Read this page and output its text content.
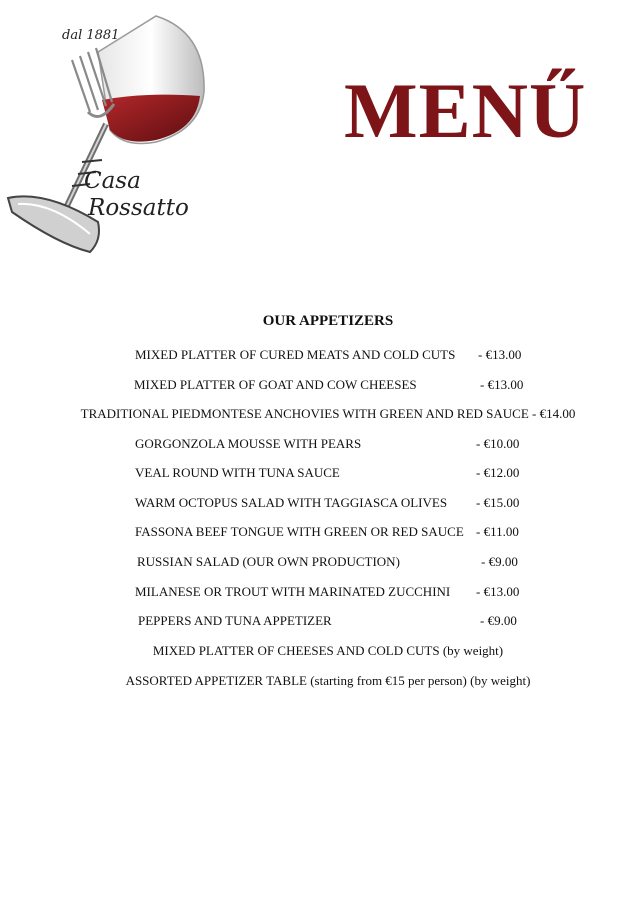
dal 1881
Casa
Rossatto
MENŰ
OUR APPETIZERS
MIXED PLATTER OF CURED MEATS AND COLD CUTS - €13.00
MIXED PLATTER OF GOAT AND COW CHEESES	- €13.00
TRADITIONAL PIEDMONTESE ANCHOVIES WITH GREEN AND RED SAUCE - €14.00
GORGONZOLA MOUSSE WITH PEARS	- €10.00
VEAL ROUND WITH TUNA SAUCE	- €12.00
WARM OCTOPUS SALAD WITH TAGGIASCA OLIVES - €15.00
FASSONA BEEF TONGUE WITH GREEN OR RED SAUCE - €11.00
RUSSIAN SALAD (OUR OWN PRODUCTION)	- €9.00
MILANESE OR TROUT WITH MARINATED ZUCCHINI - €13.00
PEPPERS AND TUNA APPETIZER	- €9.00
MIXED PLATTER OF CHEESES AND COLD CUTS (by weight)
ASSORTED APPETIZER TABLE (starting from €15 per person) (by weight)
